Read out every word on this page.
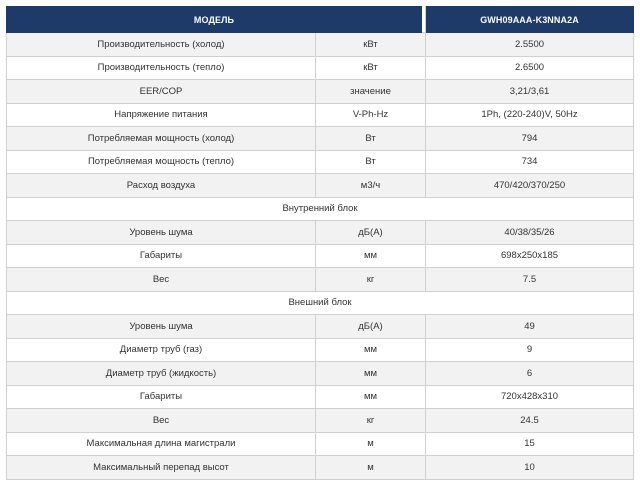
МОДЕЛЬ			GWH09AAA-K3NNA2A
Производительность (холод)	кВт		2.5500
Производительность (тепло)	кВт		2.6500
EER/COP	значение		3,21/3,61
Напряжение питания	V-Ph-Hz		1Ph, (220-240)V, 50Hz
Потребляемая мощность (холод)	Вт		794
Потребляемая мощность (тепло)	Вт		734
Расход воздуха	м3/ч		470/420/370/250
Внутренний блок			
Уровень шума	дБ(А)		40/38/35/26
Габариты	мм		698x250x185
Вес	кг		7.5
Внешний блок			
Уровень шума	дБ(А)		49
Диаметр труб (газ)	мм		9
Диаметр труб (жидкость)	мм		6
Габариты	мм		720x428x310
Вес	кг		24.5
Максимальная длина магистрали	м		15
Максимальный перепад высот	м		10
